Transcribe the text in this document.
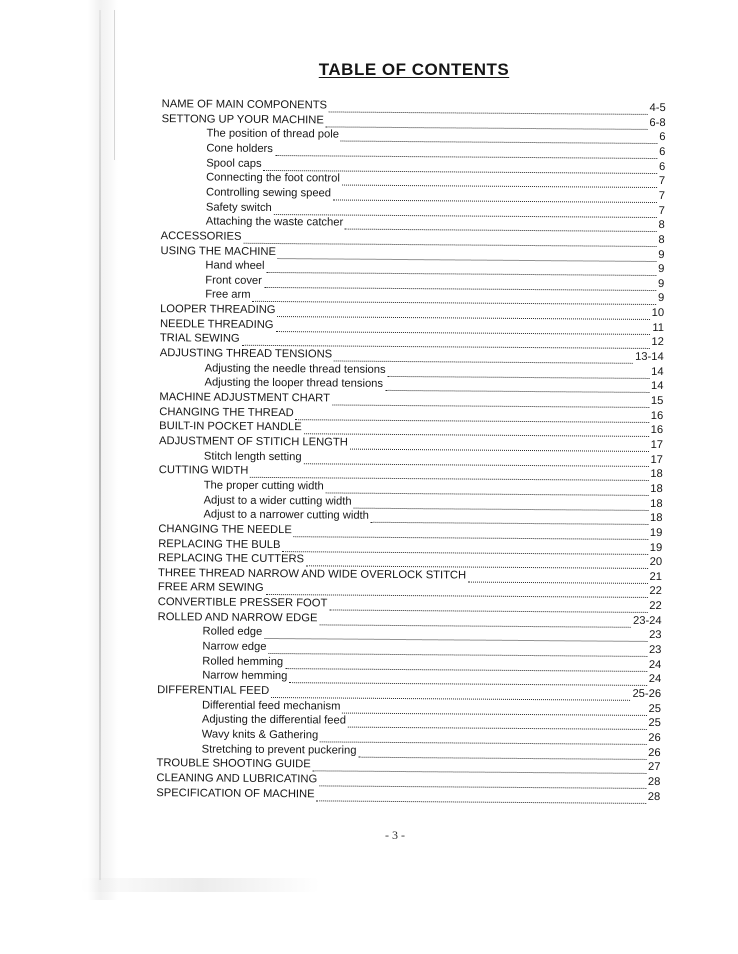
TABLE OF CONTENTS
NAME OF MAIN COMPONENTS	4-5
SETTONG UP YOUR MACHINE	6-8
The position of thread pole	6
Cone holders	6
Spool caps	6
Connecting the foot control	7
Controlling sewing speed	7
Safety switch	7
Attaching the waste catcher	8
ACCESSORIES	8
USING THE MACHINE	9
Hand wheel	9
Front cover	9
Free arm	9
LOOPER THREADING	10
NEEDLE THREADING	11
TRIAL SEWING	12
ADJUSTING THREAD TENSIONS	13-14
Adjusting the needle thread tensions	14
Adjusting the looper thread tensions	14
MACHINE ADJUSTMENT CHART	15
CHANGING THE THREAD	16
BUILT-IN POCKET HANDLE	16
ADJUSTMENT OF STITICH LENGTH	17
Stitch length setting	17
CUTTING WIDTH	18
The proper cutting width	18
Adjust to a wider cutting width	18
Adjust to a narrower cutting width	18
CHANGING THE NEEDLE	19
REPLACING THE BULB	19
REPLACING THE CUTTERS	20
THREE THREAD NARROW AND WIDE OVERLOCK STITCH	21
FREE ARM SEWING	22
CONVERTIBLE PRESSER FOOT	22
ROLLED AND NARROW EDGE	23-24
Rolled edge	23
Narrow edge	23
Rolled hemming	24
Narrow hemming	24
DIFFERENTIAL FEED	25-26
Differential feed mechanism	25
Adjusting the differential feed	25
Wavy knits & Gathering	26
Stretching to prevent puckering	26
TROUBLE SHOOTING GUIDE	27
CLEANING AND LUBRICATING	28
SPECIFICATION OF MACHINE	28
- 3 -
